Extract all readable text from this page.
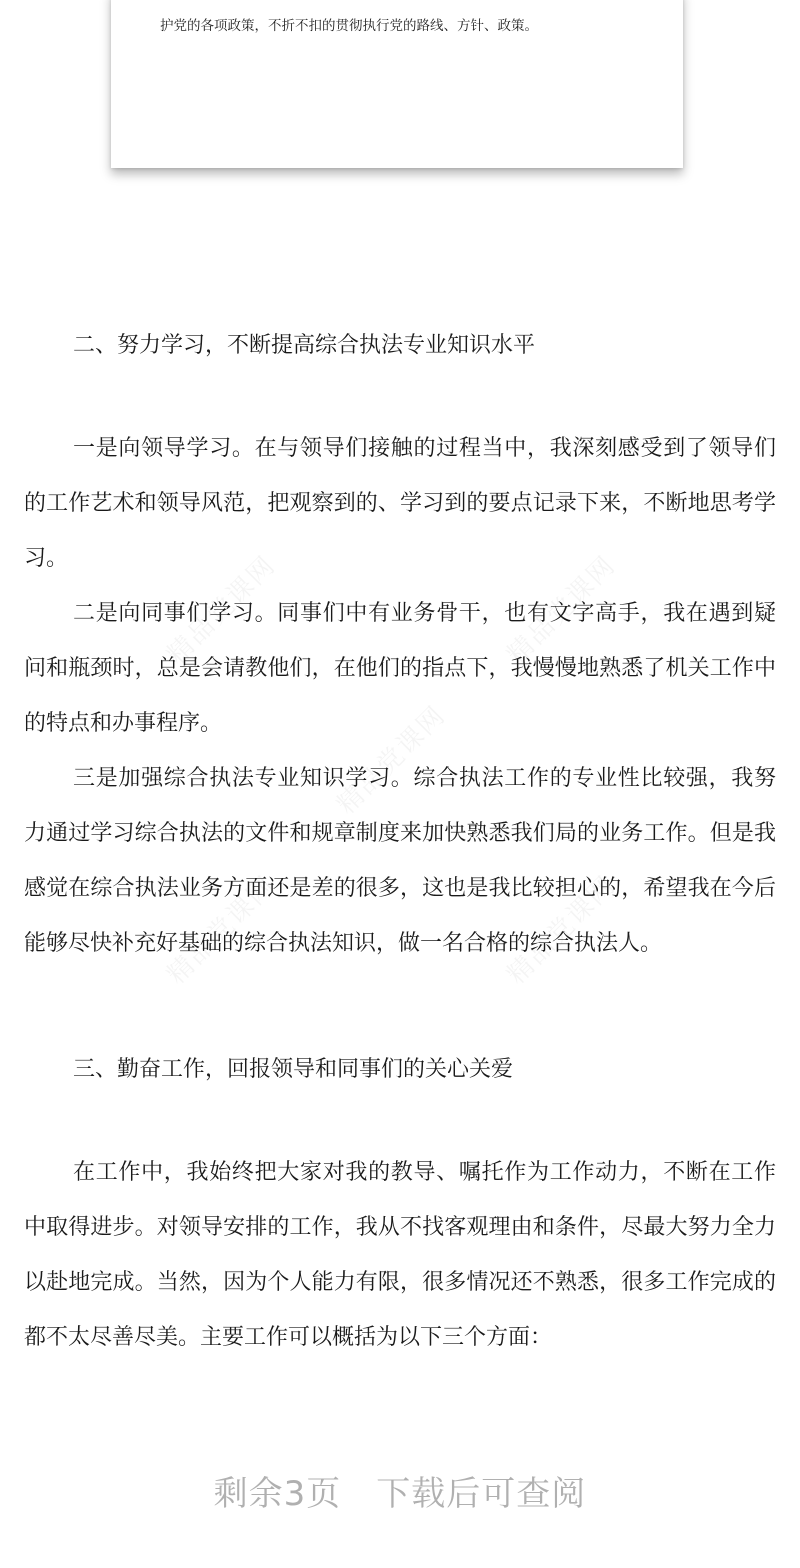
护党的各项政策，不折不扣的贯彻执行党的路线、方针、政策。
二、努力学习，不断提高综合执法专业知识水平

一是向领导学习。在与领导们接触的过程当中，我深刻感受到了领导们的工作艺术和领导风范，把观察到的、学习到的要点记录下来，不断地思考学习。

二是向同事们学习。同事们中有业务骨干，也有文字高手，我在遇到疑问和瓶颈时，总是会请教他们，在他们的指点下，我慢慢地熟悉了机关工作中的特点和办事程序。

三是加强综合执法专业知识学习。综合执法工作的专业性比较强，我努力通过学习综合执法的文件和规章制度来加快熟悉我们局的业务工作。但是我感觉在综合执法业务方面还是差的很多，这也是我比较担心的，希望我在今后能够尽快补充好基础的综合执法知识，做一名合格的综合执法人。

三、勤奋工作，回报领导和同事们的关心关爱

在工作中，我始终把大家对我的教导、嘱托作为工作动力，不断在工作中取得进步。对领导安排的工作，我从不找客观理由和条件，尽最大努力全力以赴地完成。当然，因为个人能力有限，很多情况还不熟悉，很多工作完成的都不太尽善尽美。主要工作可以概括为以下三个方面：

剩余3页　下载后可查阅
